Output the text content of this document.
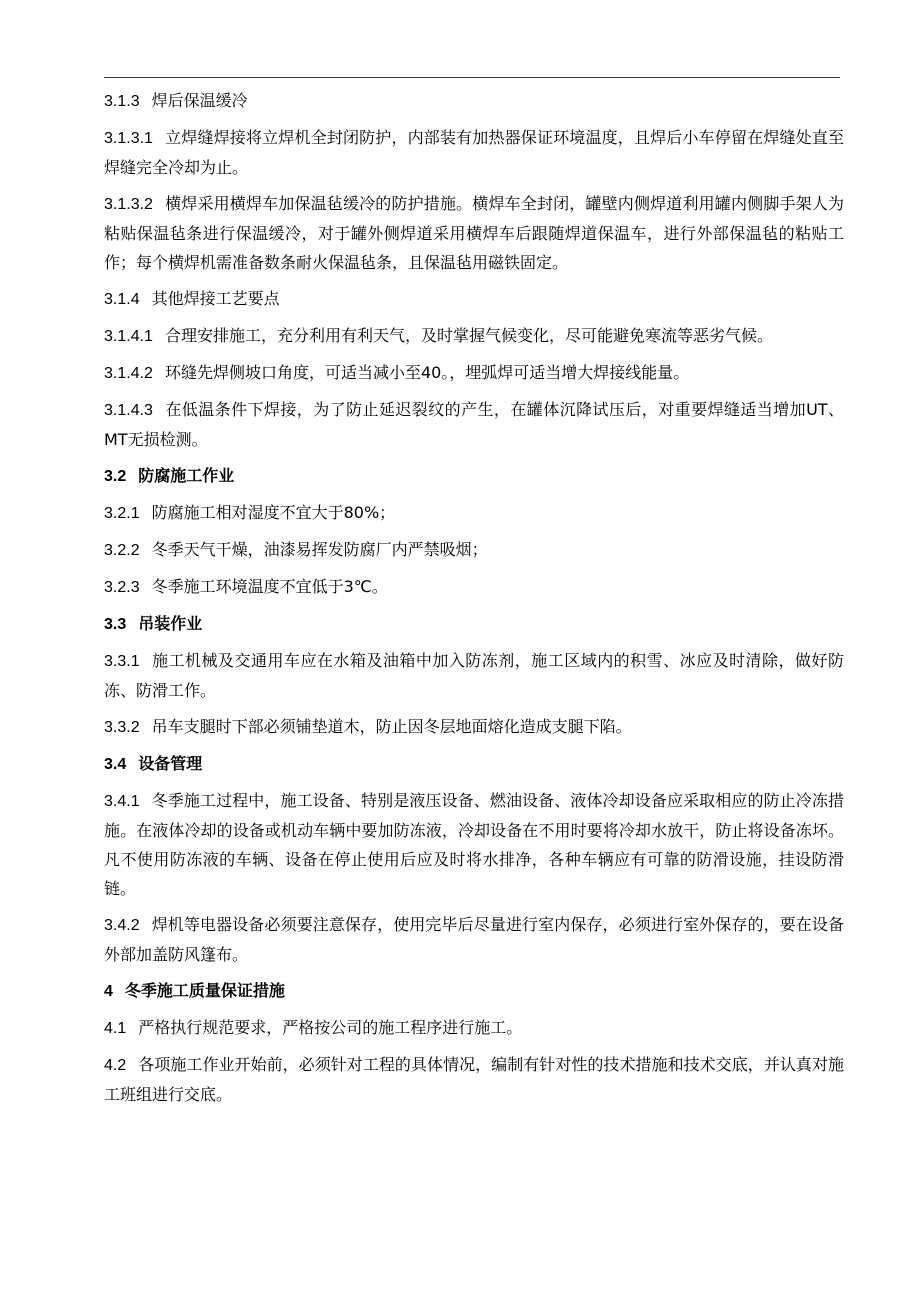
3.1.3 焊后保温缓冷

3.1.3.1 立焊缝焊接将立焊机全封闭防护，内部装有加热器保证环境温度，且焊后小车停留在焊缝处直至焊缝完全冷却为止。

3.1.3.2 横焊采用横焊车加保温毡缓冷的防护措施。横焊车全封闭，罐壁内侧焊道利用罐内侧脚手架人为粘贴保温毡条进行保温缓冷，对于罐外侧焊道采用横焊车后跟随焊道保温车，进行外部保温毡的粘贴工作；每个横焊机需准备数条耐火保温毡条，且保温毡用磁铁固定。

3.1.4 其他焊接工艺要点

3.1.4.1 合理安排施工，充分利用有利天气，及时掌握气候变化，尽可能避免寒流等恶劣气候。

3.1.4.2 环缝先焊侧坡口角度，可适当减小至40。，埋弧焊可适当增大焊接线能量。

3.1.4.3 在低温条件下焊接，为了防止延迟裂纹的产生，在罐体沉降试压后，对重要焊缝适当增加UT、MT无损检测。

3.2 防腐施工作业

3.2.1 防腐施工相对湿度不宜大于80%；

3.2.2 冬季天气干燥，油漆易挥发防腐厂内严禁吸烟；

3.2.3 冬季施工环境温度不宜低于3℃。

3.3 吊装作业

3.3.1 施工机械及交通用车应在水箱及油箱中加入防冻剂，施工区域内的积雪、冰应及时清除，做好防冻、防滑工作。

3.3.2 吊车支腿时下部必须铺垫道木，防止因冬层地面熔化造成支腿下陷。

3.4 设备管理

3.4.1 冬季施工过程中，施工设备、特别是液压设备、燃油设备、液体冷却设备应采取相应的防止冷冻措施。在液体冷却的设备或机动车辆中要加防冻液，冷却设备在不用时要将冷却水放干，防止将设备冻坏。凡不使用防冻液的车辆、设备在停止使用后应及时将水排净，各种车辆应有可靠的防滑设施，挂设防滑链。

3.4.2 焊机等电器设备必须要注意保存，使用完毕后尽量进行室内保存，必须进行室外保存的，要在设备外部加盖防风篷布。

4 冬季施工质量保证措施

4.1 严格执行规范要求，严格按公司的施工程序进行施工。

4.2 各项施工作业开始前，必须针对工程的具体情况，编制有针对性的技术措施和技术交底，并认真对施工班组进行交底。
